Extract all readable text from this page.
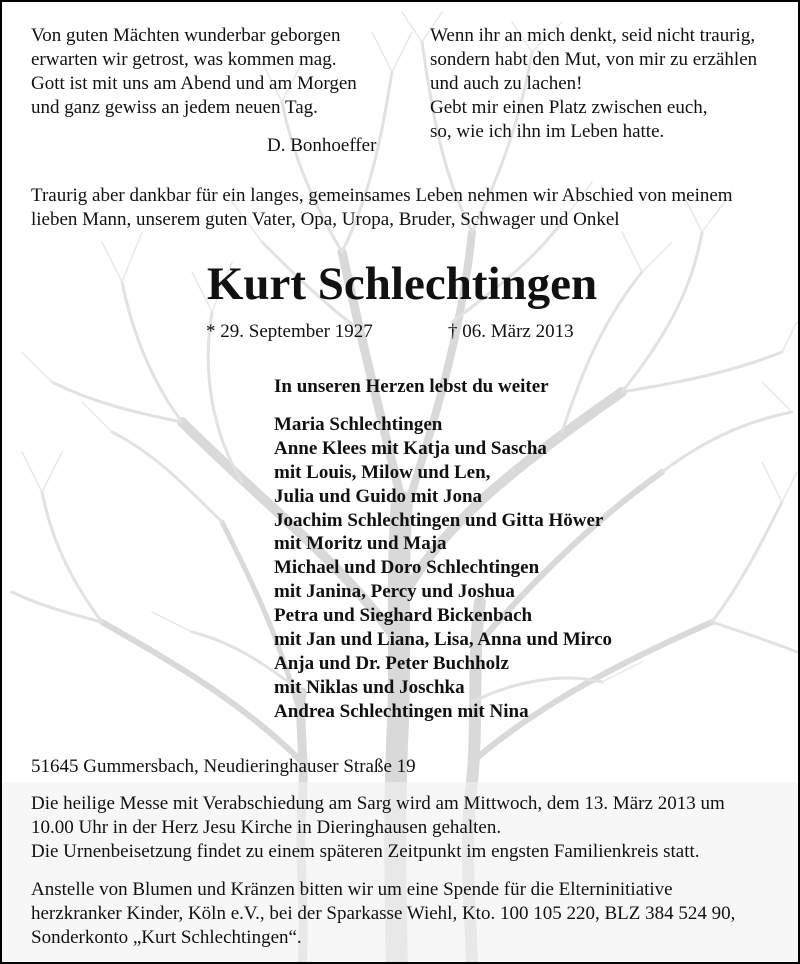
Von guten Mächten wunderbar geborgen
erwarten wir getrost, was kommen mag.
Gott ist mit uns am Abend und am Morgen
und ganz gewiss an jedem neuen Tag.
D. Bonhoeffer
Wenn ihr an mich denkt, seid nicht traurig,
sondern habt den Mut, von mir zu erzählen
und auch zu lachen!
Gebt mir einen Platz zwischen euch,
so, wie ich ihn im Leben hatte.
Traurig aber dankbar für ein langes, gemeinsames Leben nehmen wir Abschied von meinem
lieben Mann, unserem guten Vater, Opa, Uropa, Bruder, Schwager und Onkel
Kurt Schlechtingen
* 29. September 1927	† 06. März 2013
In unseren Herzen lebst du weiter
Maria Schlechtingen
Anne Klees mit Katja und Sascha
mit Louis, Milow und Len,
Julia und Guido mit Jona
Joachim Schlechtingen und Gitta Höwer
mit Moritz und Maja
Michael und Doro Schlechtingen
mit Janina, Percy und Joshua
Petra und Sieghard Bickenbach
mit Jan und Liana, Lisa, Anna und Mirco
Anja und Dr. Peter Buchholz
mit Niklas und Joschka
Andrea Schlechtingen mit Nina
51645 Gummersbach, Neudieringhauser Straße 19
Die heilige Messe mit Verabschiedung am Sarg wird am Mittwoch, dem 13. März 2013 um
10.00 Uhr in der Herz Jesu Kirche in Dieringhausen gehalten.
Die Urnenbeisetzung findet zu einem späteren Zeitpunkt im engsten Familienkreis statt.
Anstelle von Blumen und Kränzen bitten wir um eine Spende für die Elterninitiative
herzkranker Kinder, Köln e.V., bei der Sparkasse Wiehl, Kto. 100 105 220, BLZ 384 524 90,
Sonderkonto „Kurt Schlechtingen“.
